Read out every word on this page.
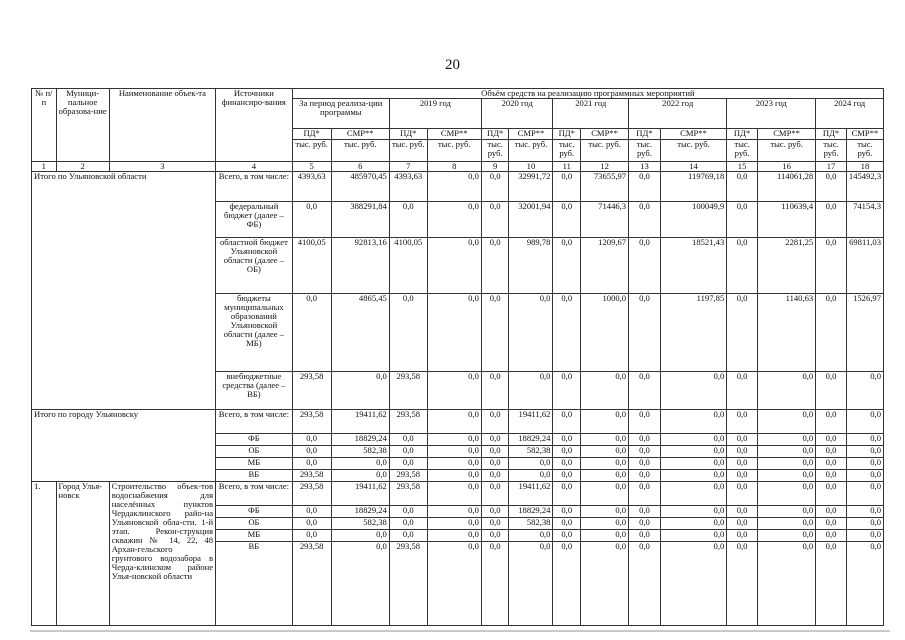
20
№ п/п	Муници-пальное образова-ние	Наименование объек-та	Источники финансиро-вания	Объём средств на реализацию программных мероприятий													
				За период реализа-ции программы		2019 год		2020 год		2021 год		2022 год		2023 год		2024 год	
				ПД*	СМР**	ПД*	СМР**	ПД*	СМР**	ПД*	СМР**	ПД*	СМР**	ПД*	СМР**	ПД*	СМР**
				тыс. руб.	тыс. руб.	тыс. руб.	тыс. руб.	тыс. руб.	тыс. руб.	тыс. руб.	тыс. руб.	тыс. руб.	тыс. руб.	тыс. руб.	тыс. руб.	тыс. руб.	тыс. руб.
1	2	3	4	5	6	7	8	9	10	11	12	13	14	15	16	17	18
Итого по Ульяновской области			Всего, в том числе:	4393,63	485970,45	4393,63	0,0	0,0	32991,72	0,0	73655,97	0,0	119769,18	0,0	114061,28	0,0	145492,3
			федеральный бюджет (далее – ФБ)	0,0	388291,84	0,0	0,0	0,0	32001,94	0,0	71446,3	0,0	100049,9	0,0	110639,4	0,0	74154,3
			областной бюджет Ульяновской области (далее – ОБ)	4100,05	92813,16	4100,05	0,0	0,0	989,78	0,0	1209,67	0,0	18521,43	0,0	2281,25	0,0	69811,03
			бюджеты муниципальных образований Ульяновской области (далее – МБ)	0,0	4865,45	0,0	0,0	0,0	0,0	0,0	1000,0	0,0	1197,85	0,0	1140,63	0,0	1526,97
			внебюджетные средства (далее – ВБ)	293,58	0,0	293,58	0,0	0,0	0,0	0,0	0,0	0,0	0,0	0,0	0,0	0,0	0,0
Итого по городу Ульяновску			Всего, в том числе:	293,58	19411,62	293,58	0,0	0,0	19411,62	0,0	0,0	0,0	0,0	0,0	0,0	0,0	0,0
			ФБ	0,0	18829,24	0,0	0,0	0,0	18829,24	0,0	0,0	0,0	0,0	0,0	0,0	0,0	0,0
			ОБ	0,0	582,38	0,0	0,0	0,0	582,38	0,0	0,0	0,0	0,0	0,0	0,0	0,0	0,0
			МБ	0,0	0,0	0,0	0,0	0,0	0,0	0,0	0,0	0,0	0,0	0,0	0,0	0,0	0,0
			ВБ	293,58	0,0	293,58	0,0	0,0	0,0	0,0	0,0	0,0	0,0	0,0	0,0	0,0	0,0
1.	Город Улья-новск	Строительство объек-тов водоснабжения для населённых пунктов Чердаклинского райо-на Ульяновской обла-сти. 1-й этап. Рекон-струкция скважин № 14, 22, 48 Архан-гельского грунтового водозабора в Черда-клинском районе Улья-новской области	Всего, в том числе:	293,58	19411,62	293,58	0,0	0,0	19411,62	0,0	0,0	0,0	0,0	0,0	0,0	0,0	0,0
			ФБ	0,0	18829,24	0,0	0,0	0,0	18829,24	0,0	0,0	0,0	0,0	0,0	0,0	0,0	0,0
			ОБ	0,0	582,38	0,0	0,0	0,0	582,38	0,0	0,0	0,0	0,0	0,0	0,0	0,0	0,0
			МБ	0,0	0,0	0,0	0,0	0,0	0,0	0,0	0,0	0,0	0,0	0,0	0,0	0,0	0,0
			ВБ	293,58	0,0	293,58	0,0	0,0	0,0	0,0	0,0	0,0	0,0	0,0	0,0	0,0	0,0
